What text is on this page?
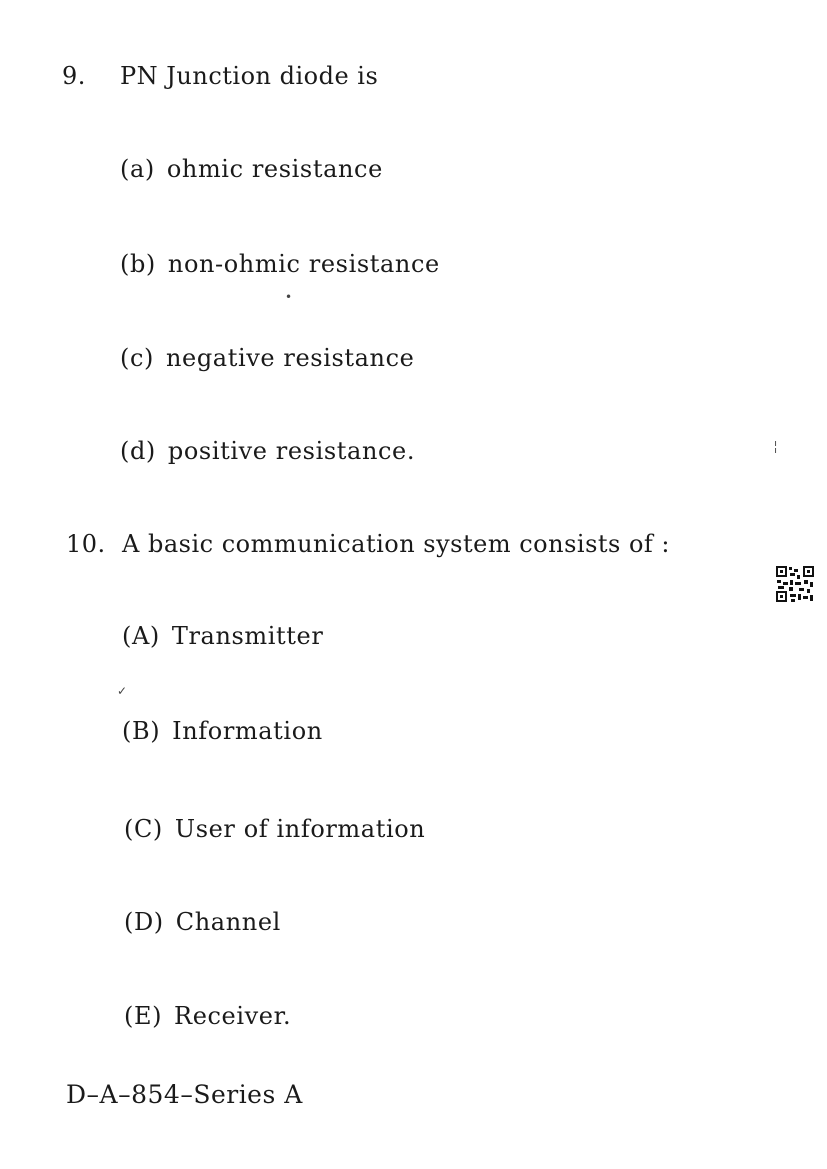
9. PN Junction diode is
(a) ohmic resistance
(b) non-ohmic resistance
(c) negative resistance
(d) positive resistance.
10. A basic communication system consists of :
(A) Transmitter
(B) Information
(C) User of information
(D) Channel
(E) Receiver.
•
✓
╎
D–A–854–Series A
